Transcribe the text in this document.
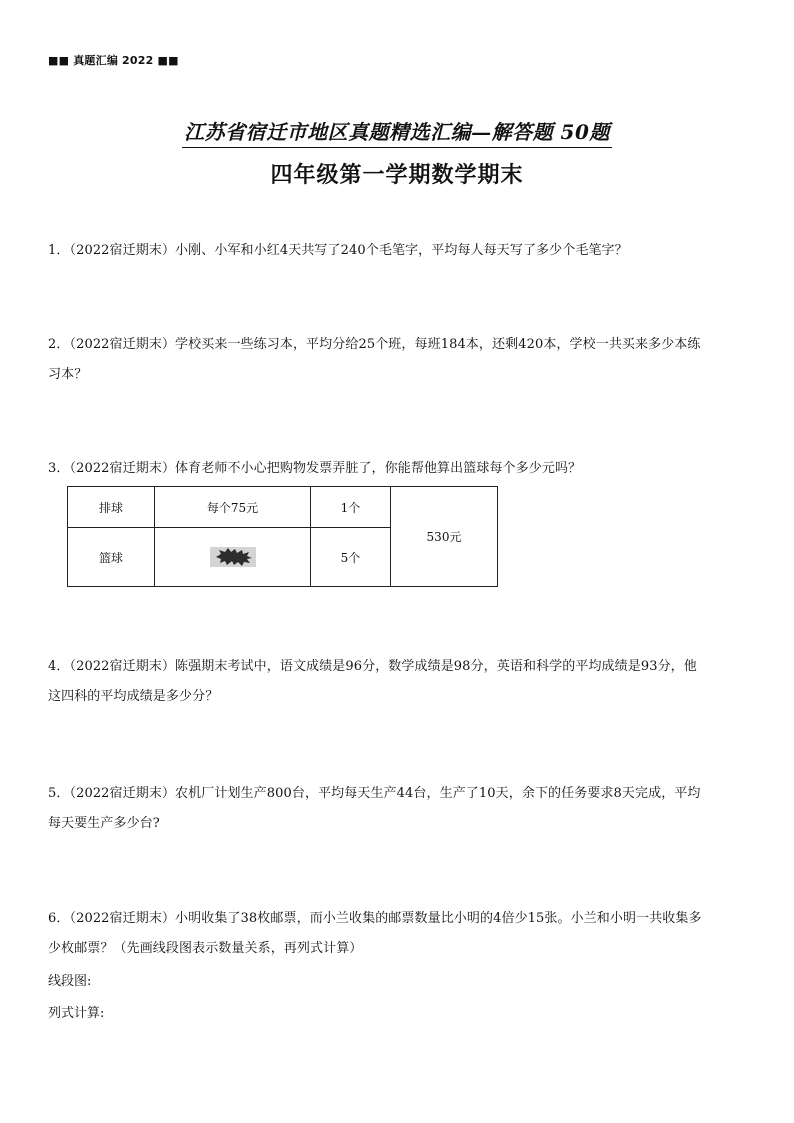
■■ 真题汇编 2022 ■■
江苏省宿迁市地区真题精选汇编—解答题 50题
四年级第一学期数学期末
1．（2022宿迁期末）小刚、小军和小红4天共写了240个毛笔字，平均每人每天写了多少个毛笔字？
2．（2022宿迁期末）学校买来一些练习本，平均分给25个班，每班184本，还剩420本，学校一共买来多少本练
习本？
3．（2022宿迁期末）体育老师不小心把购物发票弄脏了，你能帮他算出篮球每个多少元吗？
排球	每个75元	1个	530元
篮球		5个	
4．（2022宿迁期末）陈强期末考试中，语文成绩是96分，数学成绩是98分，英语和科学的平均成绩是93分，他
这四科的平均成绩是多少分？
5．（2022宿迁期末）农机厂计划生产800台，平均每天生产44台，生产了10天，余下的任务要求8天完成，平均
每天要生产多少台?
6．（2022宿迁期末）小明收集了38枚邮票，而小兰收集的邮票数量比小明的4倍少15张。小兰和小明一共收集多
少枚邮票？（先画线段图表示数量关系，再列式计算）
线段图:
列式计算:
